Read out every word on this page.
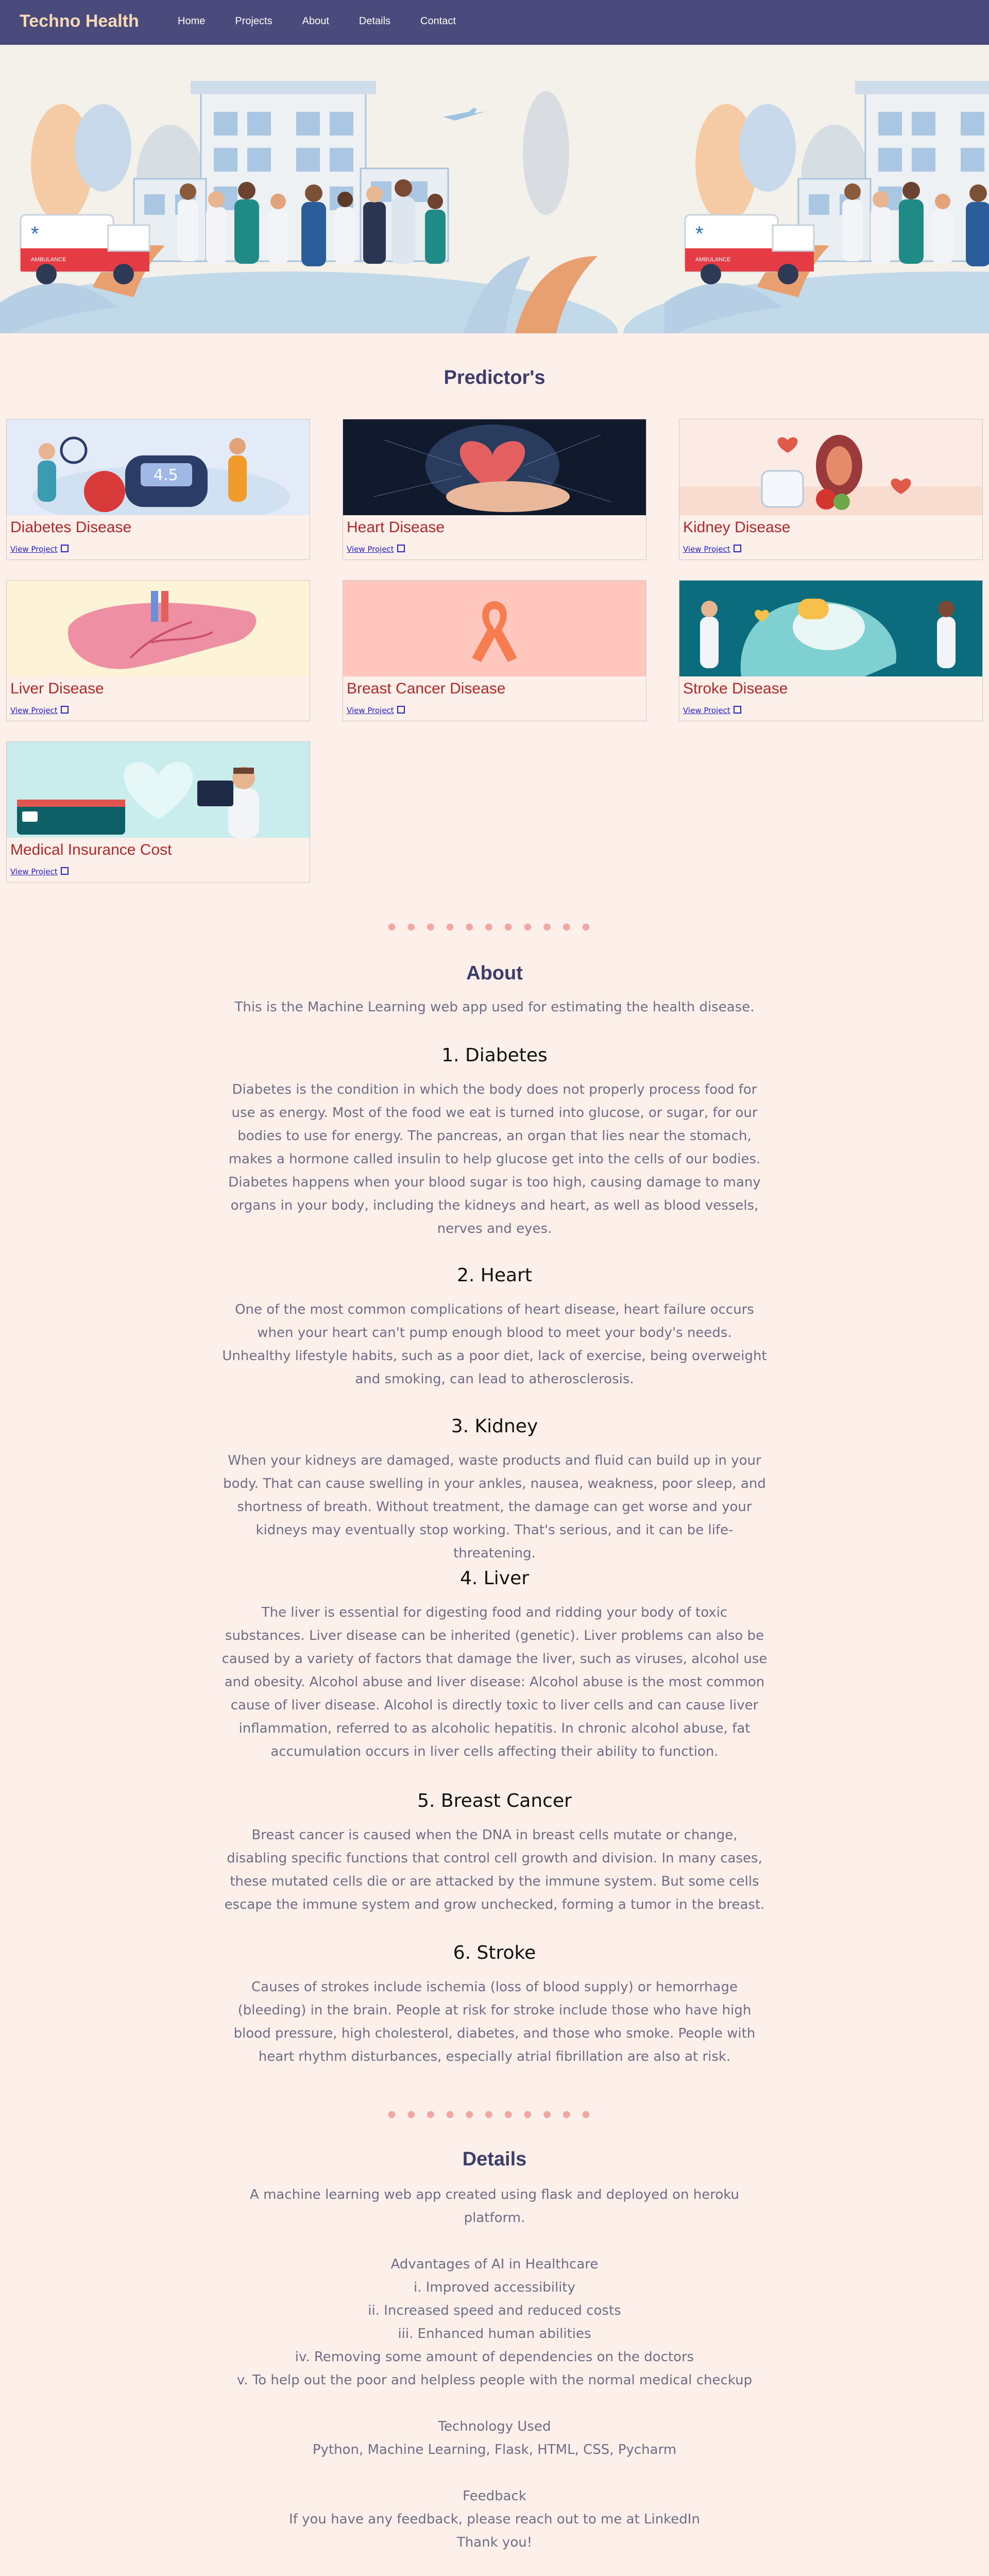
Techno Health	Home	Projects	About	Details	Contact
Predictor's
4.5
Diabetes Disease
View Project
Heart Disease
View Project
Kidney Disease
View Project
Liver Disease
View Project
Breast Cancer Disease
View Project
Stroke Disease
View Project
Medical Insurance Cost
View Project
●●●●●●●●●●●
About
This is the Machine Learning web app used for estimating the health disease.
1. Diabetes
Diabetes is the condition in which the body does not properly process food for use as energy. Most of the food we eat is turned into glucose, or sugar, for our bodies to use for energy. The pancreas, an organ that lies near the stomach, makes a hormone called insulin to help glucose get into the cells of our bodies. Diabetes happens when your blood sugar is too high, causing damage to many organs in your body, including the kidneys and heart, as well as blood vessels, nerves and eyes.
2. Heart
One of the most common complications of heart disease, heart failure occurs when your heart can't pump enough blood to meet your body's needs. Unhealthy lifestyle habits, such as a poor diet, lack of exercise, being overweight and smoking, can lead to atherosclerosis.
3. Kidney
When your kidneys are damaged, waste products and fluid can build up in your body. That can cause swelling in your ankles, nausea, weakness, poor sleep, and shortness of breath. Without treatment, the damage can get worse and your kidneys may eventually stop working. That's serious, and it can be life-threatening.
4. Liver
The liver is essential for digesting food and ridding your body of toxic substances. Liver disease can be inherited (genetic). Liver problems can also be caused by a variety of factors that damage the liver, such as viruses, alcohol use and obesity. Alcohol abuse and liver disease: Alcohol abuse is the most common cause of liver disease. Alcohol is directly toxic to liver cells and can cause liver inflammation, referred to as alcoholic hepatitis. In chronic alcohol abuse, fat accumulation occurs in liver cells affecting their ability to function.
5. Breast Cancer
Breast cancer is caused when the DNA in breast cells mutate or change, disabling specific functions that control cell growth and division. In many cases, these mutated cells die or are attacked by the immune system. But some cells escape the immune system and grow unchecked, forming a tumor in the breast.
6. Stroke
Causes of strokes include ischemia (loss of blood supply) or hemorrhage (bleeding) in the brain. People at risk for stroke include those who have high blood pressure, high cholesterol, diabetes, and those who smoke. People with heart rhythm disturbances, especially atrial fibrillation are also at risk.
●●●●●●●●●●●
Details
A machine learning web app created using flask and deployed on heroku platform.
Advantages of AI in Healthcare
i. Improved accessibility
ii. Increased speed and reduced costs
iii. Enhanced human abilities
iv. Removing some amount of dependencies on the doctors
v. To help out the poor and helpless people with the normal medical checkup
Technology Used
Python, Machine Learning, Flask, HTML, CSS, Pycharm
Feedback
If you have any feedback, please reach out to me at LinkedIn
Thank you!
